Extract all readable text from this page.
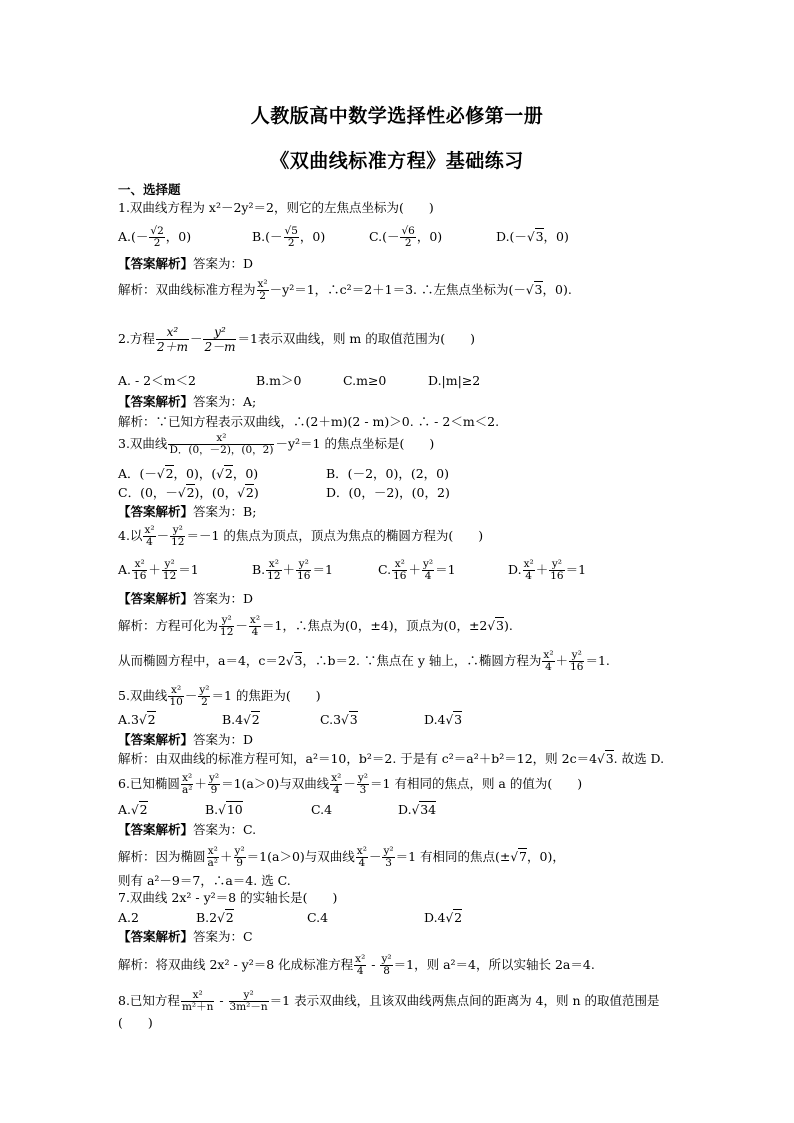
人教版高中数学选择性必修第一册
《双曲线标准方程》基础练习
一、选择题
1.双曲线方程为 x²－2y²＝2，则它的左焦点坐标为(　　)
$A.(- \frac{√2}{2}$ ，0)	$B.(- \frac{√5}{2}$ ，0)	$C.(- \frac{√6}{2}$ ，0)	D.(－√3，0)
【答案解析】答案为：D
解析：双曲线标准方程为 $\frac{\text{x²}}{2} -y^2=1$，∴c²＝2＋1＝3. ∴左焦点坐标为(－√3，0).
2.方程 $\frac{\text{x²}}{2+m} - \frac{\text{y²}}{2-m} =1$表示双曲线，则 m 的取值范围为(　　)
A. - 2＜m＜2	B.m＞0	C.m≥0	D.|m|≥2
【答案解析】答案为：A;
解析：∵已知方程表示双曲线，∴(2＋m)(2 - m)＞0. ∴ - 2＜m＜2.
3.双曲线 $\frac{\text{x²}}{D.(0,-2),(0,2)} -y^2=1$ 的焦点坐标是(　　)
A．(－√2，0)，(√2，0)	B．(－2，0)，(2，0)
C．(0，－√2)，(0，√2)	D．(0，－2)，(0，2)
【答案解析】答案为：B;
4.以 $\frac{\text{x²}}{4} - \frac{\text{y²}}{12} =-1$ 的焦点为顶点，顶点为焦点的椭圆方程为(　　)
A. $\frac{\text{x²}}{16} + \frac{\text{y²}}{12} =1$	B. $\frac{\text{x²}}{12} + \frac{\text{y²}}{16} =1$	C. $\frac{\text{x²}}{16} + \frac{\text{y²}}{4} =1$	D. $\frac{\text{x²}}{4} + \frac{\text{y²}}{16} =1$
【答案解析】答案为：D
解析：方程可化为 $\frac{\text{y²}}{12} - \frac{\text{x²}}{4} =1$，∴焦点为(0，±4)，顶点为(0，±2√3).
从而椭圆方程中，a＝4，c＝2√3，∴b＝2. ∵焦点在 y 轴上，∴椭圆方程为 $\frac{\text{x²}}{4} + \frac{\text{y²}}{16} =1$.
5.双曲线 $\frac{\text{x²}}{10} - \frac{\text{y²}}{2} =1$ 的焦距为(　　)
A.3√2	B.4√2	C.3√3	D.4√3
【答案解析】答案为：D
解析：由双曲线的标准方程可知，a²＝10，b²＝2. 于是有 c²＝a²＋b²＝12，则 2c＝4√3. 故选 D.
6.已知椭圆 $\frac{\text{x²}}{\text{a²}} + \frac{\text{y²}}{9} =1(a>0)$与双曲线 $\frac{\text{x²}}{4} - \frac{\text{y²}}{3} =1$ 有相同的焦点，则 a 的值为(　　)
A.√2	B.√10	C.4	D.√34
【答案解析】答案为：C.
解析：因为椭圆 $\frac{\text{x²}}{\text{a²}} + \frac{\text{y²}}{9} =1(a>0)$与双曲线 $\frac{\text{x²}}{4} - \frac{\text{y²}}{3} =1$ 有相同的焦点(±√7，0)，
则有 a²－9＝7，∴a＝4. 选 C.
7.双曲线 2x² - y²＝8 的实轴长是(　　)
A.2	B.2√2	C.4	D.4√2
【答案解析】答案为：C
解析：将双曲线 2x² - y²＝8 化成标准方程 $\frac{\text{x²}}{4} - \frac{\text{y²}}{8} =1$，则 a²＝4，所以实轴长 2a＝4.
8.已知方程 $\frac{\text{x²}}{\text{m²＋n}} - \frac{\text{y²}}{\text{3m²－n}} =1$ 表示双曲线，且该双曲线两焦点间的距离为 4，则 n 的取值范围是
(　　)
